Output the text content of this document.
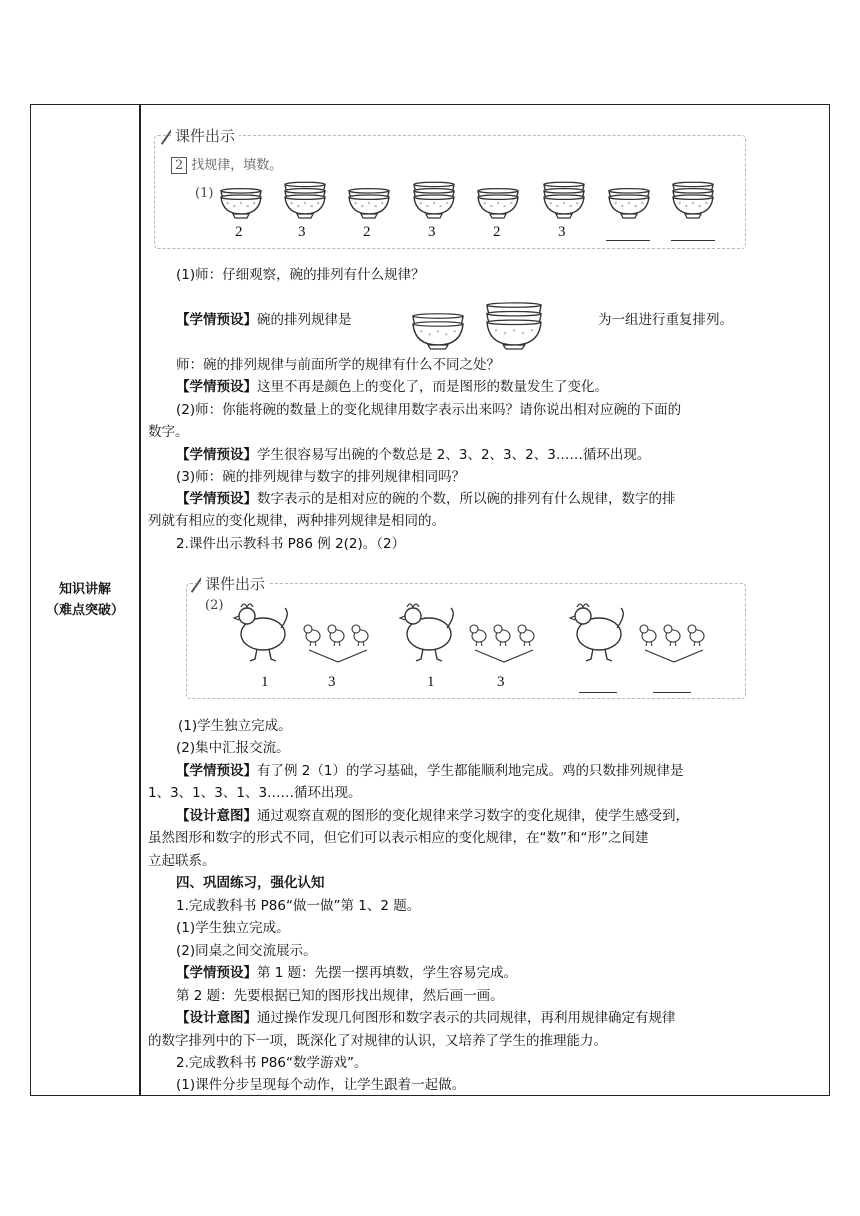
知识讲解
（难点突破）
课件出示
2 找规律，填数。
(1)
2	3	2	3	2	3
(1)师：仔细观察，碗的排列有什么规律？
【学情预设】碗的排列规律是	为一组进行重复排列。
师：碗的排列规律与前面所学的规律有什么不同之处？
【学情预设】这里不再是颜色上的变化了，而是图形的数量发生了变化。
(2)师：你能将碗的数量上的变化规律用数字表示出来吗？请你说出相对应碗的下面的
数字。
【学情预设】学生很容易写出碗的个数总是 2、3、2、3、2、3……循环出现。
(3)师：碗的排列规律与数字的排列规律相同吗？
【学情预设】数字表示的是相对应的碗的个数，所以碗的排列有什么规律，数字的排
列就有相应的变化规律，两种排列规律是相同的。
2.课件出示教科书 P86 例 2(2)。（2）
课件出示
(2)
1	3	1	3
(1)学生独立完成。
(2)集中汇报交流。
【学情预设】有了例 2（1）的学习基础，学生都能顺利地完成。鸡的只数排列规律是
1、3、1、3、1、3……循环出现。
【设计意图】通过观察直观的图形的变化规律来学习数字的变化规律，使学生感受到，
虽然图形和数字的形式不同，但它们可以表示相应的变化规律，在“数”和“形”之间建
立起联系。
四、巩固练习，强化认知
1.完成教科书 P86“做一做”第 1、2 题。
(1)学生独立完成。
(2)同桌之间交流展示。
【学情预设】第 1 题：先摆一摆再填数，学生容易完成。
第 2 题：先要根据已知的图形找出规律，然后画一画。
【设计意图】通过操作发现几何图形和数字表示的共同规律，再利用规律确定有规律
的数字排列中的下一项，既深化了对规律的认识，又培养了学生的推理能力。
2.完成教科书 P86“数学游戏”。
(1)课件分步呈现每个动作，让学生跟着一起做。
